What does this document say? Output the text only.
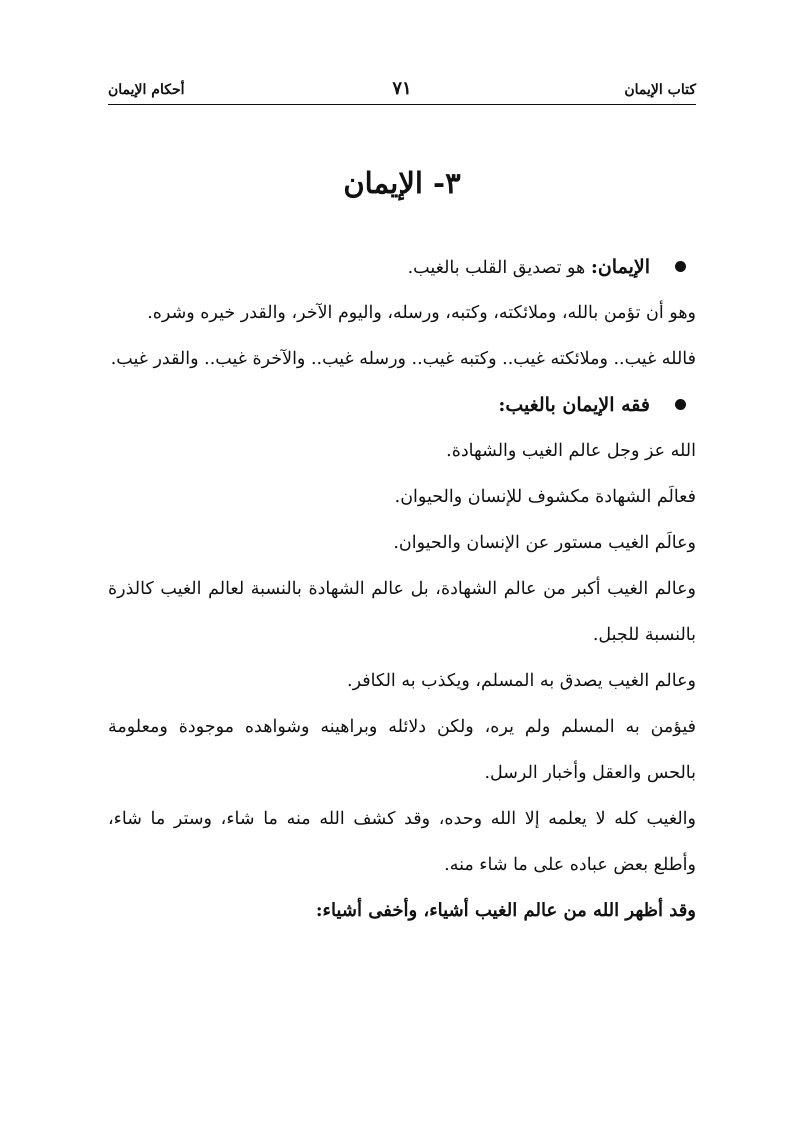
كتاب الإيمان
٧١
أحكام الإيمان
٣- الإيمان
الإيمان: هو تصديق القلب بالغيب.

وهو أن تؤمن بالله، وملائكته، وكتبه، ورسله، واليوم الآخر، والقدر خيره وشره.

فالله غيب.. وملائكته غيب.. وكتبه غيب.. ورسله غيب.. والآخرة غيب.. والقدر غيب.

فقه الإيمان بالغيب:

الله عز وجل عالم الغيب والشهادة.

فعالَم الشهادة مكشوف للإنسان والحيوان.

وعالَم الغيب مستور عن الإنسان والحيوان.

وعالم الغيب أكبر من عالم الشهادة، بل عالم الشهادة بالنسبة لعالم الغيب كالذرة بالنسبة للجبل.

وعالم الغيب يصدق به المسلم، ويكذب به الكافر.

فيؤمن به المسلم ولم يره، ولكن دلائله وبراهينه وشواهده موجودة ومعلومة بالحس والعقل وأخبار الرسل.

والغيب كله لا يعلمه إلا الله وحده، وقد كشف الله منه ما شاء، وستر ما شاء، وأطلع بعض عباده على ما شاء منه.

وقد أظهر الله من عالم الغيب أشياء، وأخفى أشياء:
